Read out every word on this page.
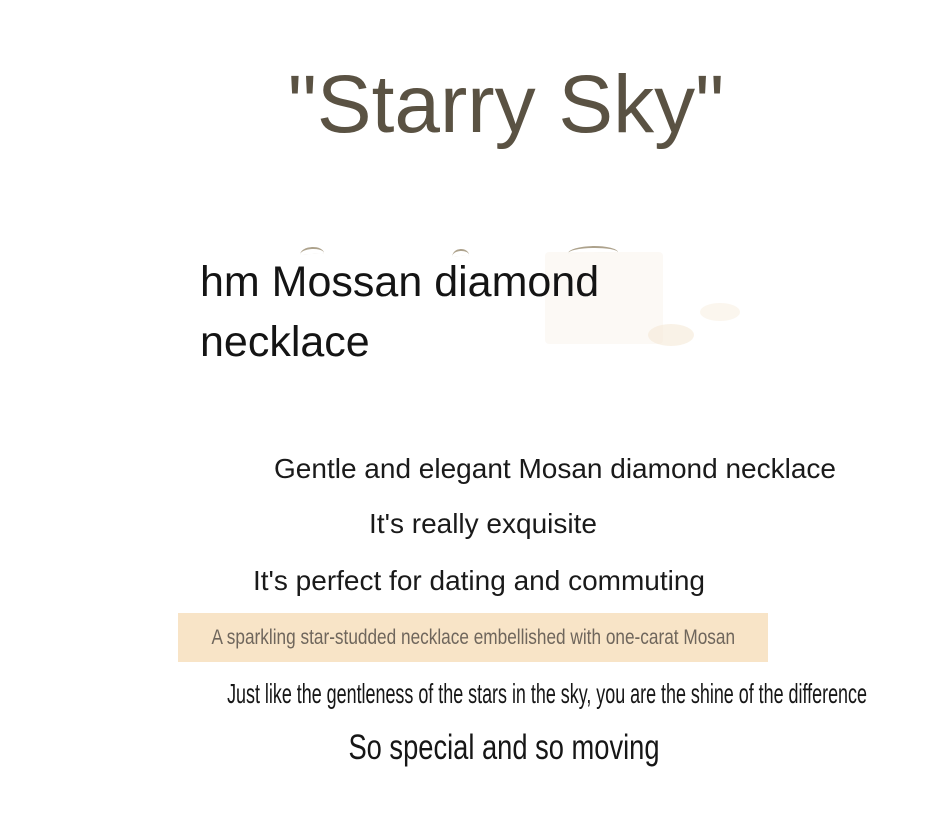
"Starry Sky"
hm Mossan diamond
necklace
Gentle and elegant Mosan diamond necklace
It's really exquisite
It's perfect for dating and commuting
A sparkling star-studded necklace embellished with one-carat Mosan
Just like the gentleness of the stars in the sky, you are the shine of the difference
So special and so moving
